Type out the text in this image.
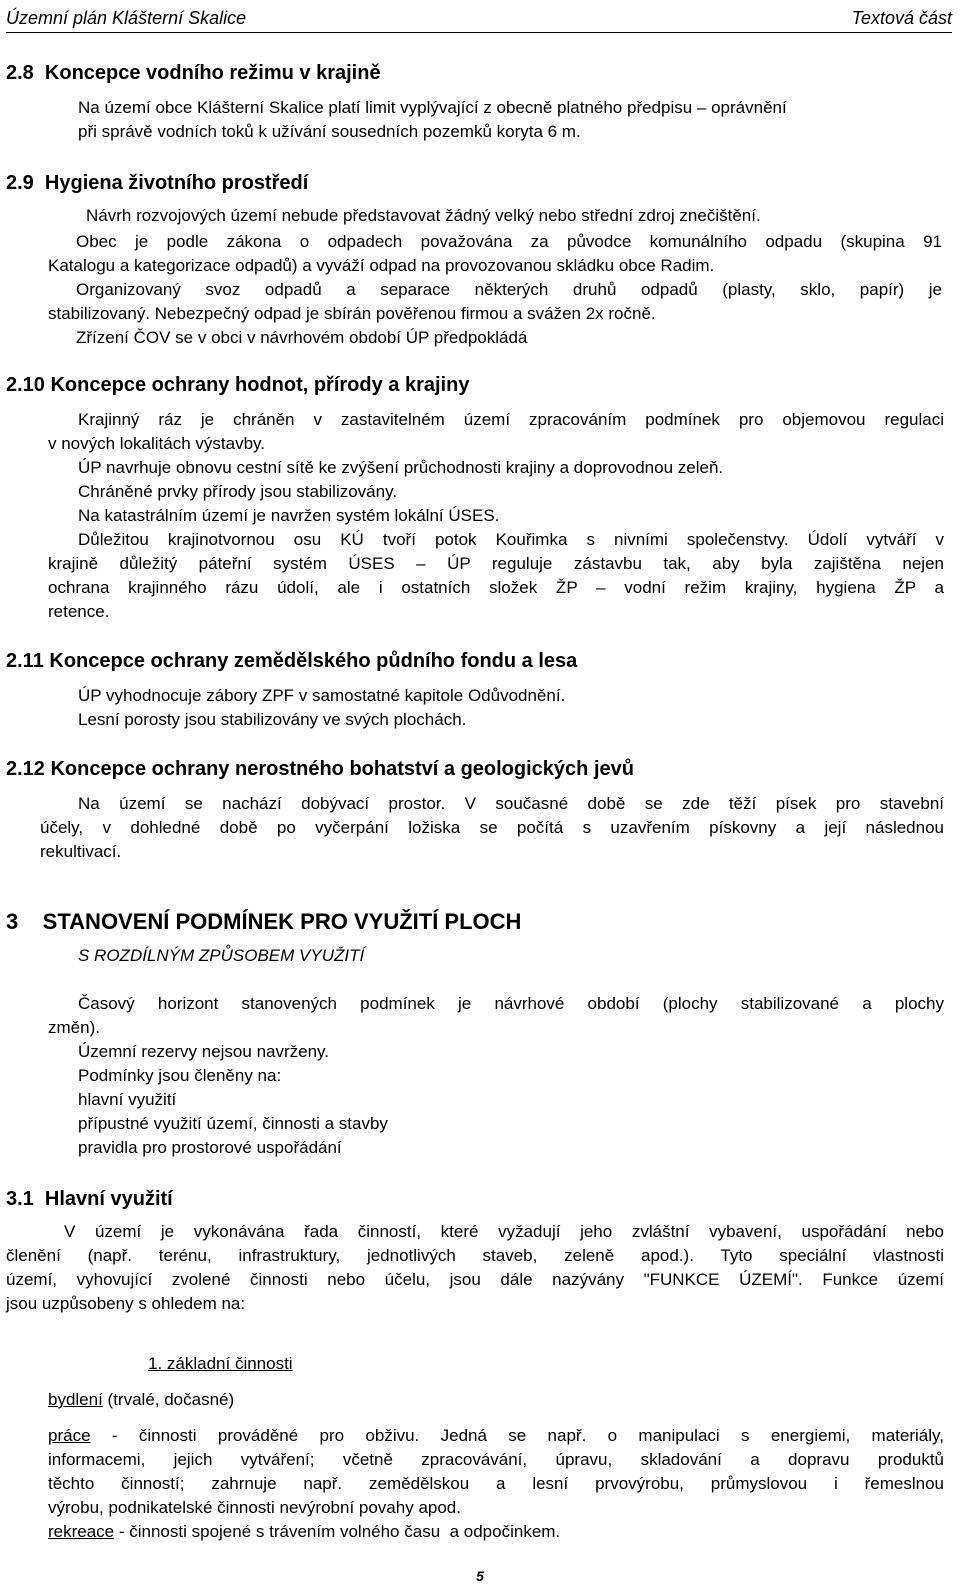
Územní plán Klášterní Skalice	Textová část
2.8  Koncepce vodního režimu v krajině
Na území obce Klášterní Skalice platí limit vyplývající z obecně platného předpisu – oprávnění
při správě vodních toků k užívání sousedních pozemků koryta 6 m.
2.9  Hygiena životního prostředí
Návrh rozvojových území nebude představovat žádný velký nebo střední zdroj znečištění.
Obec je podle zákona o odpadech považována za původce komunálního odpadu (skupina 91
Katalogu a kategorizace odpadů) a vyváží odpad na provozovanou skládku obce Radim.
Organizovaný svoz odpadů a separace některých druhů odpadů (plasty, sklo, papír) je
stabilizovaný. Nebezpečný odpad je sbírán pověřenou firmou a svážen 2x ročně.
Zřízení ČOV se v obci v návrhovém období ÚP předpokládá
2.10 Koncepce ochrany hodnot, přírody a krajiny
Krajinný ráz je chráněn v zastavitelném území zpracováním podmínek pro objemovou regulaci
v nových lokalitách výstavby.
ÚP navrhuje obnovu cestní sítě ke zvýšení průchodnosti krajiny a doprovodnou zeleň.
Chráněné prvky přírody jsou stabilizovány.
Na katastrálním území je navržen systém lokální ÚSES.
Důležitou krajinotvornou osu KÚ tvoří potok Kouřimka s nivními společenstvy. Údolí vytváří v
krajině důležitý páteřní systém ÚSES – ÚP reguluje zástavbu tak, aby byla zajištěna nejen
ochrana krajinného rázu údolí, ale i ostatních složek ŽP – vodní režim krajiny, hygiena ŽP a
retence.
2.11 Koncepce ochrany zemědělského půdního fondu a lesa
ÚP vyhodnocuje zábory ZPF v samostatné kapitole Odůvodnění.
Lesní porosty jsou stabilizovány ve svých plochách.
2.12 Koncepce ochrany nerostného bohatství a geologických jevů
Na území se nachází dobývací prostor. V současné době se zde těží písek pro stavební
účely, v dohledné době po vyčerpání ložiska se počítá s uzavřením pískovny a její následnou
rekultivací.
3    STANOVENÍ PODMÍNEK PRO VYUŽITÍ PLOCH
S ROZDÍLNÝM ZPŮSOBEM VYUŽITÍ
Časový horizont stanovených podmínek je návrhové období (plochy stabilizované a plochy
změn).
Územní rezervy nejsou navrženy.
Podmínky jsou členěny na:
hlavní využití
přípustné využití území, činnosti a stavby
pravidla pro prostorové uspořádání
3.1  Hlavní využití
V území je vykonávána řada činností, které vyžadují jeho zvláštní vybavení, uspořádání nebo
členění (např. terénu, infrastruktury, jednotlivých staveb, zeleně apod.). Tyto speciální vlastnosti
území, vyhovující zvolené činnosti nebo účelu, jsou dále nazývány "FUNKCE ÚZEMÍ". Funkce území
jsou uzpůsobeny s ohledem na:
1. základní činnosti
bydlení (trvalé, dočasné)
práce - činnosti prováděné pro obživu. Jedná se např. o manipulaci s energiemi, materiály,
informacemi, jejich vytváření; včetně zpracovávání, úpravu, skladování a dopravu produktů
těchto činností; zahrnuje např. zemědělskou a lesní prvovýrobu, průmyslovou i řemeslnou
výrobu, podnikatelské činnosti nevýrobní povahy apod.
rekreace - činnosti spojené s trávením volného času  a odpočinkem.
5
